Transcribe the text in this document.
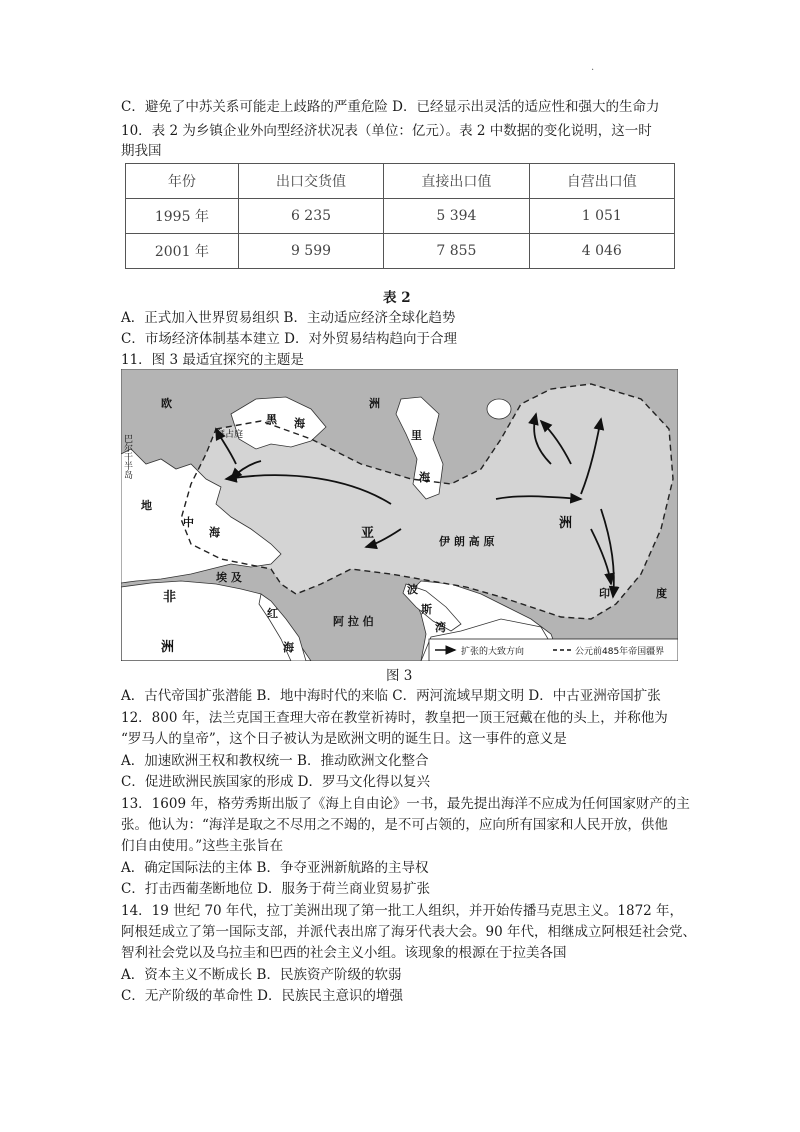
.
C．避免了中苏关系可能走上歧路的严重危险 D．已经显示出灵活的适应性和强大的生命力
10．表 2 为乡镇企业外向型经济状况表（单位：亿元）。表 2 中数据的变化说明，这一时
期我国
年份	出口交货值	直接出口值	自营出口值
1995 年	6 235	5 394	1 051
2001 年	9 599	7 855	4 046
表 2
A．正式加入世界贸易组织 B．主动适应经济全球化趋势
C．市场经济体制基本建立 D．对外贸易结构趋向于合理
11．图 3 最适宜探究的主题是
欧	洲
黑 海
里
海
地
中
海	亚
洲
伊 朗 高 原
印	度
埃 及
非
洲
红
海
阿 拉 伯
波
斯
湾
拜占庭
巴尔干半岛
扩张的大致方向	公元前485年帝国疆界
图 3
A．古代帝国扩张潜能 B．地中海时代的来临 C．两河流域早期文明 D．中古亚洲帝国扩张
12．800 年，法兰克国王查理大帝在教堂祈祷时，教皇把一顶王冠戴在他的头上，并称他为
“罗马人的皇帝”，这个日子被认为是欧洲文明的诞生日。这一事件的意义是
A．加速欧洲王权和教权统一 B．推动欧洲文化整合
C．促进欧洲民族国家的形成 D．罗马文化得以复兴
13．1609 年，格劳秀斯出版了《海上自由论》一书，最先提出海洋不应成为任何国家财产的主
张。他认为：“海洋是取之不尽用之不竭的，是不可占领的，应向所有国家和人民开放，供他
们自由使用。”这些主张旨在
A．确定国际法的主体 B．争夺亚洲新航路的主导权
C．打击西葡垄断地位 D．服务于荷兰商业贸易扩张
14．19 世纪 70 年代，拉丁美洲出现了第一批工人组织，并开始传播马克思主义。1872 年，
阿根廷成立了第一国际支部，并派代表出席了海牙代表大会。90 年代，相继成立阿根廷社会党、
智利社会党以及乌拉圭和巴西的社会主义小组。该现象的根源在于拉美各国
A．资本主义不断成长 B．民族资产阶级的软弱
C．无产阶级的革命性 D．民族民主意识的增强
